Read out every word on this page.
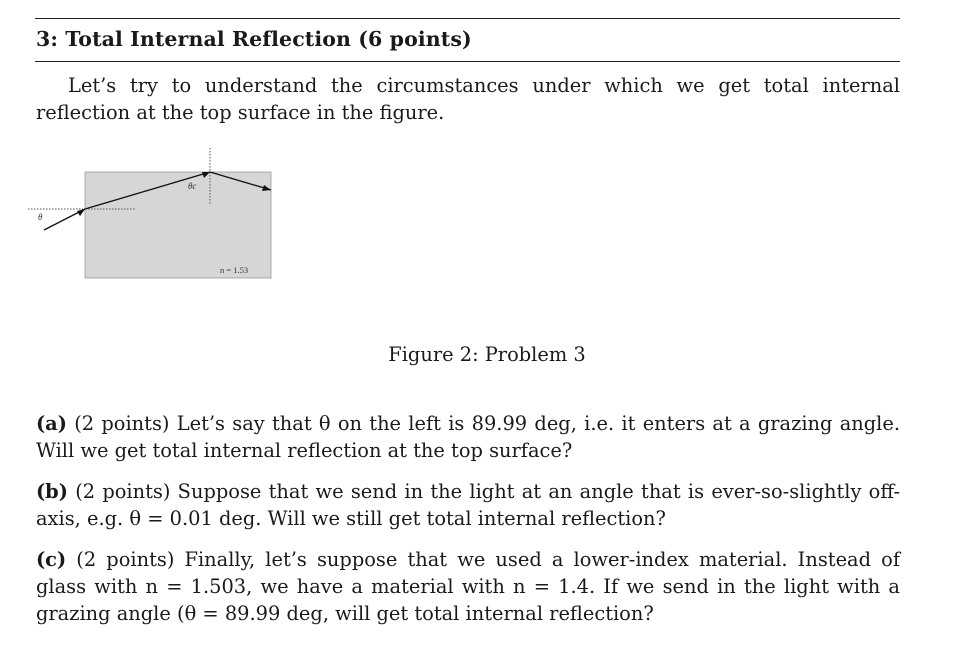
3: Total Internal Reflection (6 points)
Let’s try to understand the circumstances under which we get total internal reflection at the top surface in the figure.
θ
θc
n = 1.53
Figure 2: Problem 3
(a) (2 points) Let’s say that θ on the left is 89.99 deg, i.e. it enters at a grazing angle. Will we get total internal reflection at the top surface?
(b) (2 points) Suppose that we send in the light at an angle that is ever-so-slightly off-axis, e.g. θ = 0.01 deg. Will we still get total internal reflection?
(c) (2 points) Finally, let’s suppose that we used a lower-index material. Instead of glass with n = 1.503, we have a material with n = 1.4. If we send in the light with a grazing angle (θ = 89.99 deg, will get total internal reflection?
